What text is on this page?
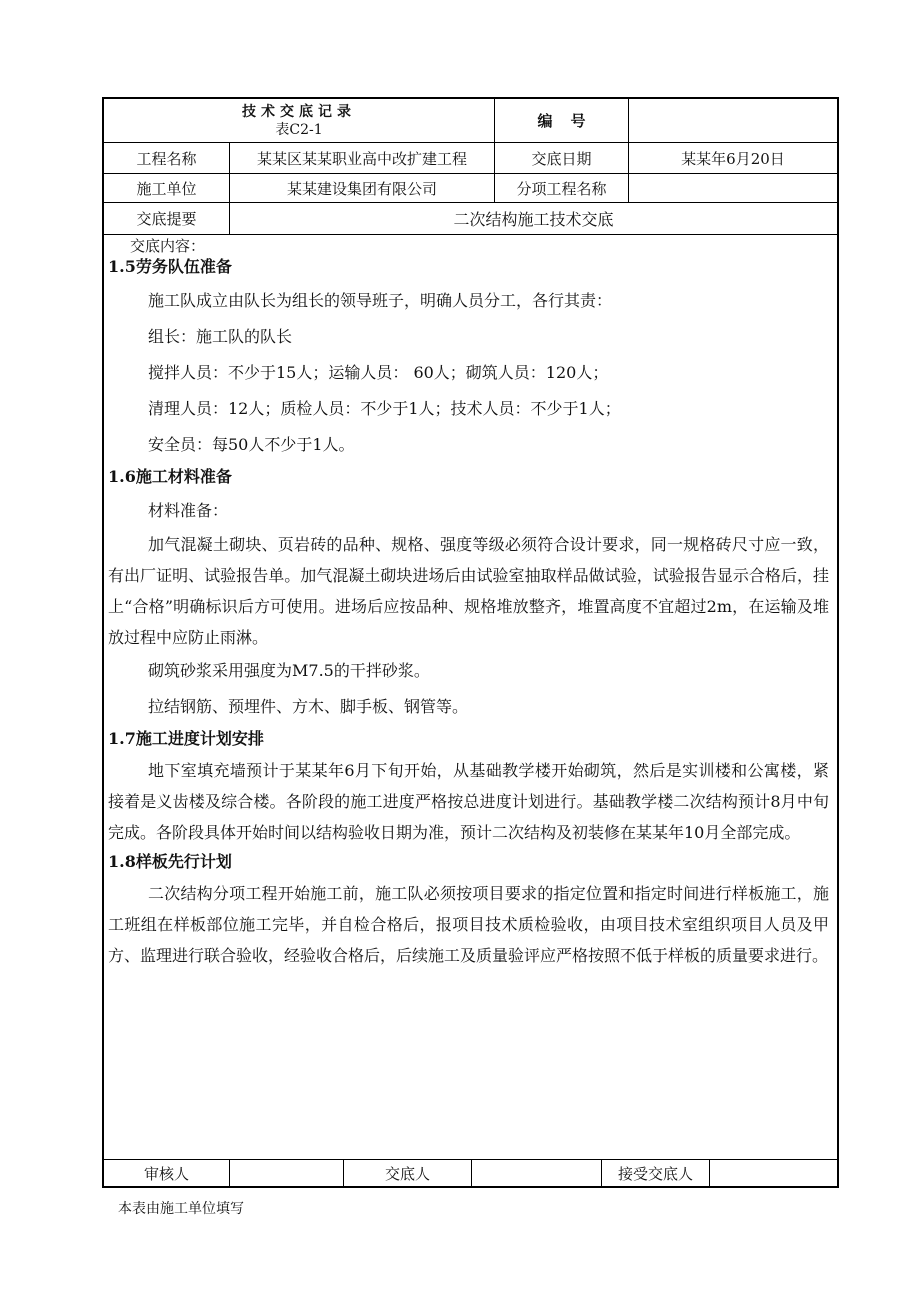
技术交底记录
表C2-1	编号
工程名称	某某区某某职业高中改扩建工程	交底日期	某某年6月20日
施工单位	某某建设集团有限公司	分项工程名称
交底提要	二次结构施工技术交底
交底内容：
1.5劳务队伍准备

施工队成立由队长为组长的领导班子，明确人员分工，各行其责：

组长：施工队的队长

搅拌人员：不少于15人；运输人员： 60人；砌筑人员：120人；

清理人员：12人；质检人员：不少于1人；技术人员：不少于1人；

安全员：每50人不少于1人。

1.6施工材料准备

材料准备：

加气混凝土砌块、页岩砖的品种、规格、强度等级必须符合设计要求，同一规格砖尺寸应一致，有出厂证明、试验报告单。加气混凝土砌块进场后由试验室抽取样品做试验，试验报告显示合格后，挂上“合格”明确标识后方可使用。进场后应按品种、规格堆放整齐，堆置高度不宜超过2m，在运输及堆放过程中应防止雨淋。

砌筑砂浆采用强度为M7.5的干拌砂浆。

拉结钢筋、预埋件、方木、脚手板、钢管等。

1.7施工进度计划安排

地下室填充墙预计于某某年6月下旬开始，从基础教学楼开始砌筑，然后是实训楼和公寓楼，紧接着是义齿楼及综合楼。各阶段的施工进度严格按总进度计划进行。基础教学楼二次结构预计8月中旬完成。各阶段具体开始时间以结构验收日期为准，预计二次结构及初装修在某某年10月全部完成。

1.8样板先行计划

二次结构分项工程开始施工前，施工队必须按项目要求的指定位置和指定时间进行样板施工，施工班组在样板部位施工完毕，并自检合格后，报项目技术质检验收，由项目技术室组织项目人员及甲方、监理进行联合验收，经验收合格后，后续施工及质量验评应严格按照不低于样板的质量要求进行。

审核人	交底人	接受交底人
本表由施工单位填写
